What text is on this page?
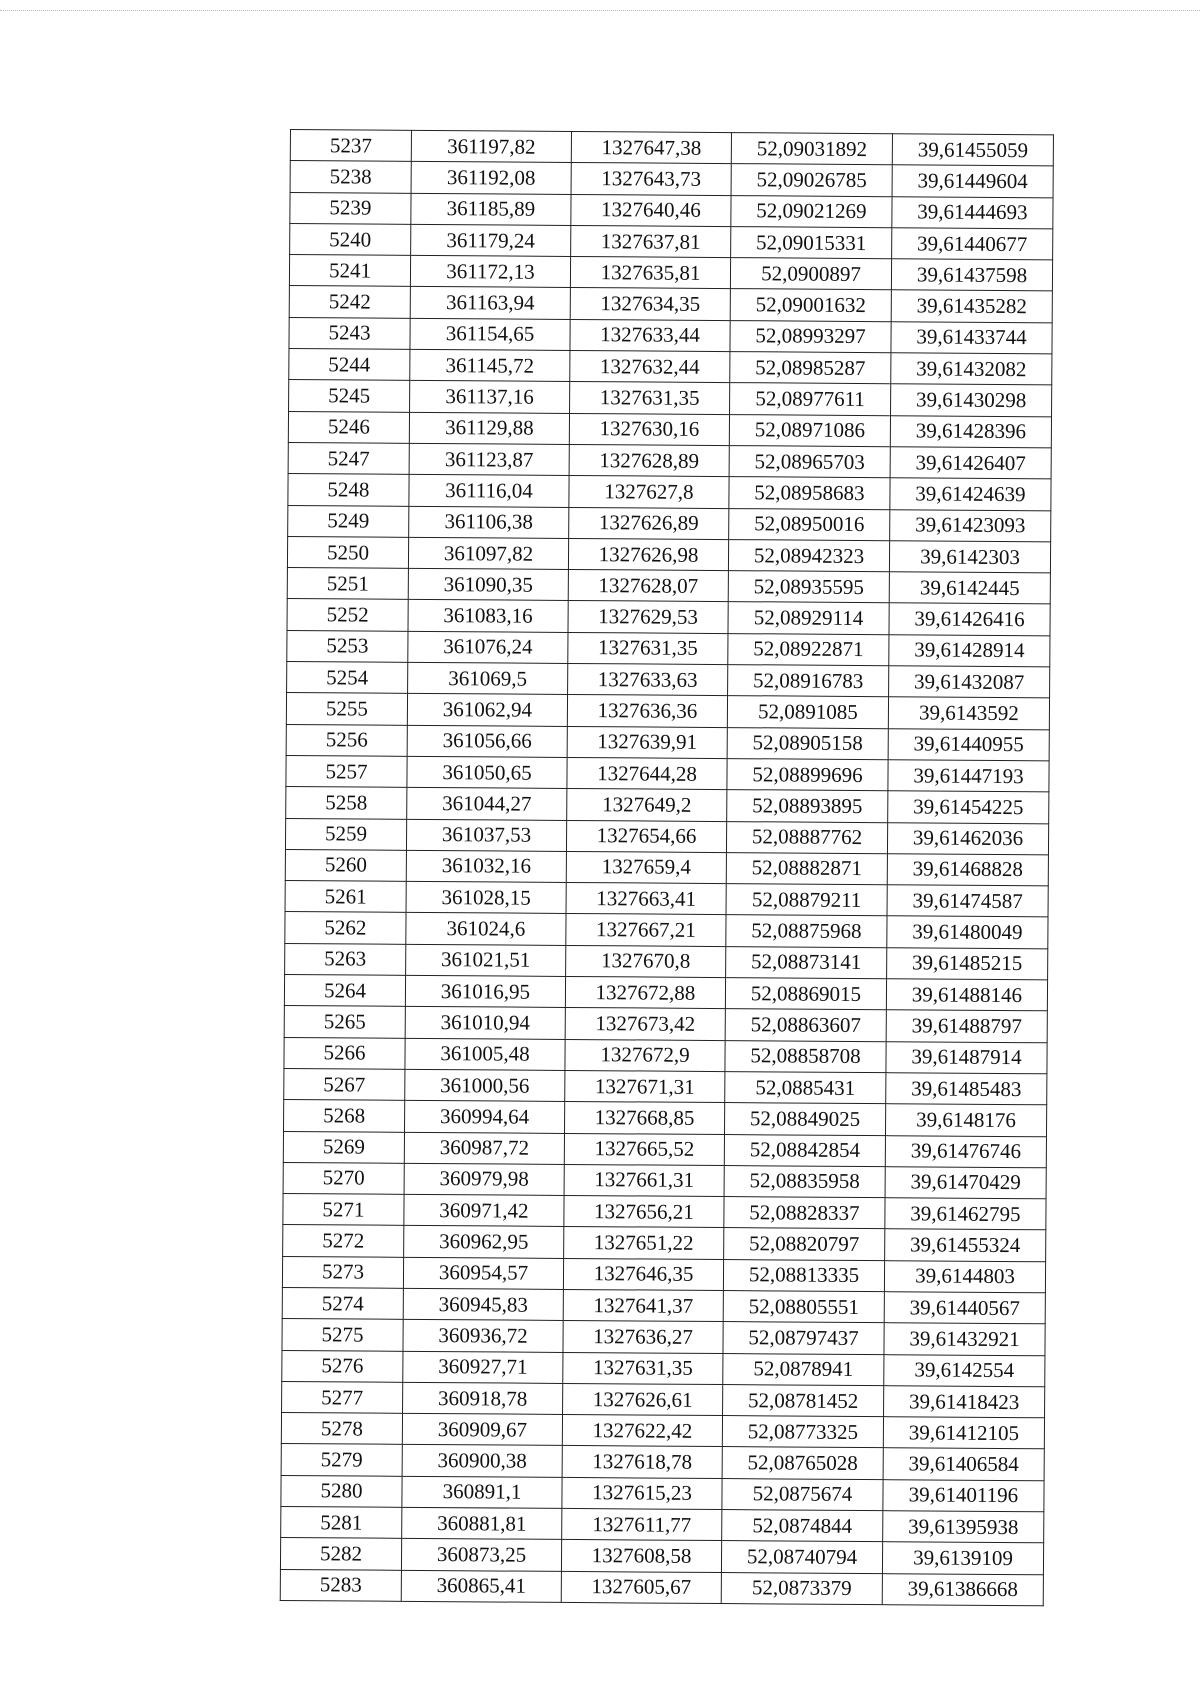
5237	361197,82	1327647,38	52,09031892	39,61455059
5238	361192,08	1327643,73	52,09026785	39,61449604
5239	361185,89	1327640,46	52,09021269	39,61444693
5240	361179,24	1327637,81	52,09015331	39,61440677
5241	361172,13	1327635,81	52,0900897	39,61437598
5242	361163,94	1327634,35	52,09001632	39,61435282
5243	361154,65	1327633,44	52,08993297	39,61433744
5244	361145,72	1327632,44	52,08985287	39,61432082
5245	361137,16	1327631,35	52,08977611	39,61430298
5246	361129,88	1327630,16	52,08971086	39,61428396
5247	361123,87	1327628,89	52,08965703	39,61426407
5248	361116,04	1327627,8	52,08958683	39,61424639
5249	361106,38	1327626,89	52,08950016	39,61423093
5250	361097,82	1327626,98	52,08942323	39,6142303
5251	361090,35	1327628,07	52,08935595	39,6142445
5252	361083,16	1327629,53	52,08929114	39,61426416
5253	361076,24	1327631,35	52,08922871	39,61428914
5254	361069,5	1327633,63	52,08916783	39,61432087
5255	361062,94	1327636,36	52,0891085	39,6143592
5256	361056,66	1327639,91	52,08905158	39,61440955
5257	361050,65	1327644,28	52,08899696	39,61447193
5258	361044,27	1327649,2	52,08893895	39,61454225
5259	361037,53	1327654,66	52,08887762	39,61462036
5260	361032,16	1327659,4	52,08882871	39,61468828
5261	361028,15	1327663,41	52,08879211	39,61474587
5262	361024,6	1327667,21	52,08875968	39,61480049
5263	361021,51	1327670,8	52,08873141	39,61485215
5264	361016,95	1327672,88	52,08869015	39,61488146
5265	361010,94	1327673,42	52,08863607	39,61488797
5266	361005,48	1327672,9	52,08858708	39,61487914
5267	361000,56	1327671,31	52,0885431	39,61485483
5268	360994,64	1327668,85	52,08849025	39,6148176
5269	360987,72	1327665,52	52,08842854	39,61476746
5270	360979,98	1327661,31	52,08835958	39,61470429
5271	360971,42	1327656,21	52,08828337	39,61462795
5272	360962,95	1327651,22	52,08820797	39,61455324
5273	360954,57	1327646,35	52,08813335	39,6144803
5274	360945,83	1327641,37	52,08805551	39,61440567
5275	360936,72	1327636,27	52,08797437	39,61432921
5276	360927,71	1327631,35	52,0878941	39,6142554
5277	360918,78	1327626,61	52,08781452	39,61418423
5278	360909,67	1327622,42	52,08773325	39,61412105
5279	360900,38	1327618,78	52,08765028	39,61406584
5280	360891,1	1327615,23	52,0875674	39,61401196
5281	360881,81	1327611,77	52,0874844	39,61395938
5282	360873,25	1327608,58	52,08740794	39,6139109
5283	360865,41	1327605,67	52,0873379	39,61386668
